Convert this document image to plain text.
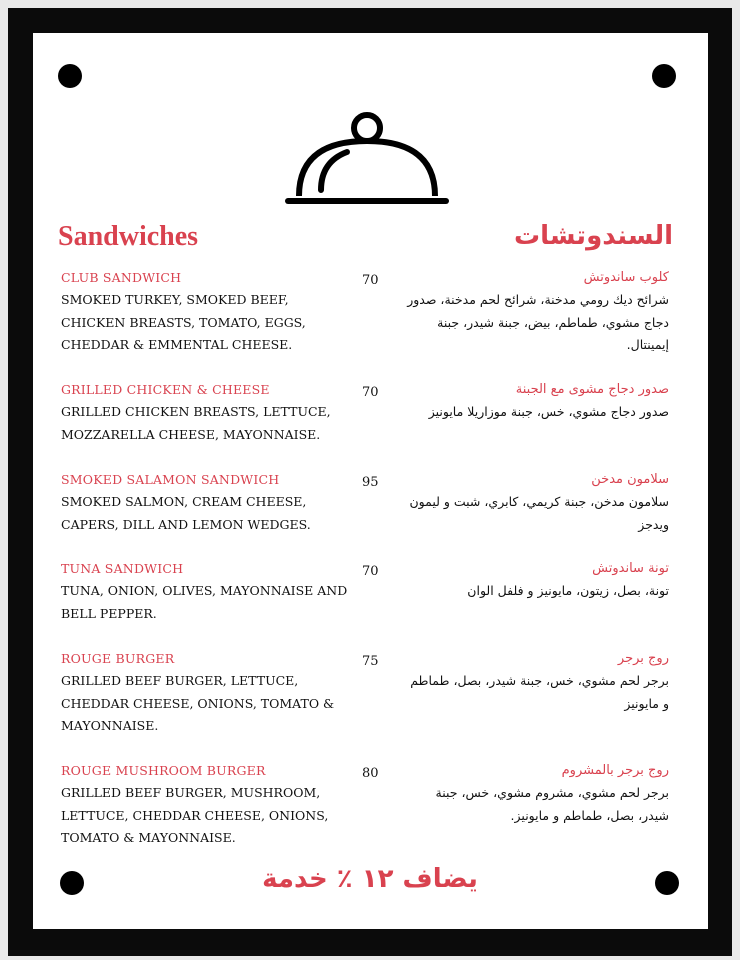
Sandwiches	السندوتشات
CLUB SANDWICH
SMOKED TURKEY, SMOKED BEEF, CHICKEN BREASTS, TOMATO, EGGS, CHEDDAR & EMMENTAL CHEESE.
70	كلوب ساندوتش
شرائح ديك رومي مدخنة، شرائح لحم مدخنة، صدور دجاج مشوي، طماطم، بيض، جبنة شيدر، جبنة إيمينتال.
GRILLED CHICKEN & CHEESE
GRILLED CHICKEN BREASTS, LETTUCE, MOZZARELLA CHEESE, MAYONNAISE.
70	صدور دجاج مشوى مع الجبنة
صدور دجاج مشوي، خس، جبنة موزاريلا مايونيز
SMOKED SALAMON SANDWICH
SMOKED SALMON, CREAM CHEESE, CAPERS, DILL AND LEMON WEDGES.
95	سلامون مدخن
سلامون مدخن، جبنة كريمي، كابري، شبت و ليمون ويدجز
TUNA SANDWICH
TUNA, ONION, OLIVES, MAYONNAISE AND BELL PEPPER.
70	تونة ساندوتش
تونة، بصل، زيتون، مايونيز و فلفل الوان
ROUGE BURGER
GRILLED BEEF BURGER, LETTUCE, CHEDDAR CHEESE, ONIONS, TOMATO & MAYONNAISE.
75	روج برجر
برجر لحم مشوي، خس، جبنة شيدر، بصل، طماطم و مايونيز
ROUGE MUSHROOM BURGER
GRILLED BEEF BURGER, MUSHROOM, LETTUCE, CHEDDAR CHEESE, ONIONS, TOMATO & MAYONNAISE.
80	روج برجر بالمشروم
برجر لحم مشوي، مشروم مشوي، خس، جبنة شيدر، بصل، طماطم و مايونيز.
يضاف ١٢ ٪ خدمة
